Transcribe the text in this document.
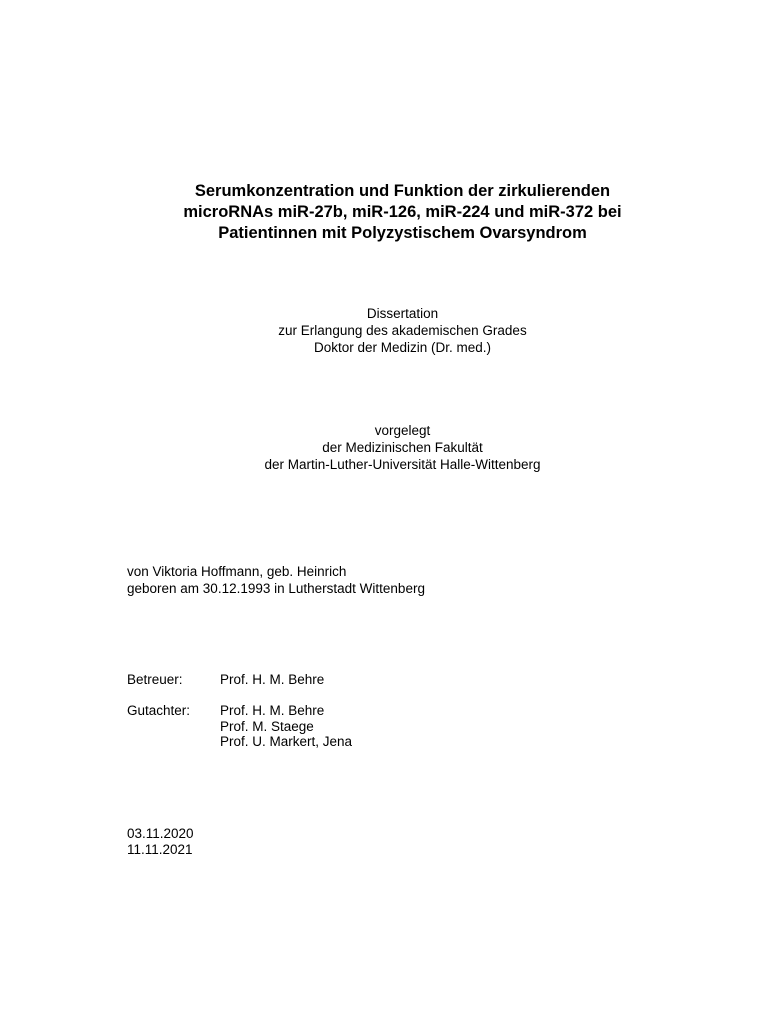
Serumkonzentration und Funktion der zirkulierenden
microRNAs miR-27b, miR-126, miR-224 und miR-372 bei
Patientinnen mit Polyzystischem Ovarsyndrom
Dissertation
zur Erlangung des akademischen Grades
Doktor der Medizin (Dr. med.)
vorgelegt
der Medizinischen Fakultät
der Martin-Luther-Universität Halle-Wittenberg
von Viktoria Hoffmann, geb. Heinrich
geboren am 30.12.1993 in Lutherstadt Wittenberg
Betreuer:	Prof. H. M. Behre
Gutachter: Prof. H. M. Behre
Prof. M. Staege
Prof. U. Markert, Jena
03.11.2020
11.11.2021
